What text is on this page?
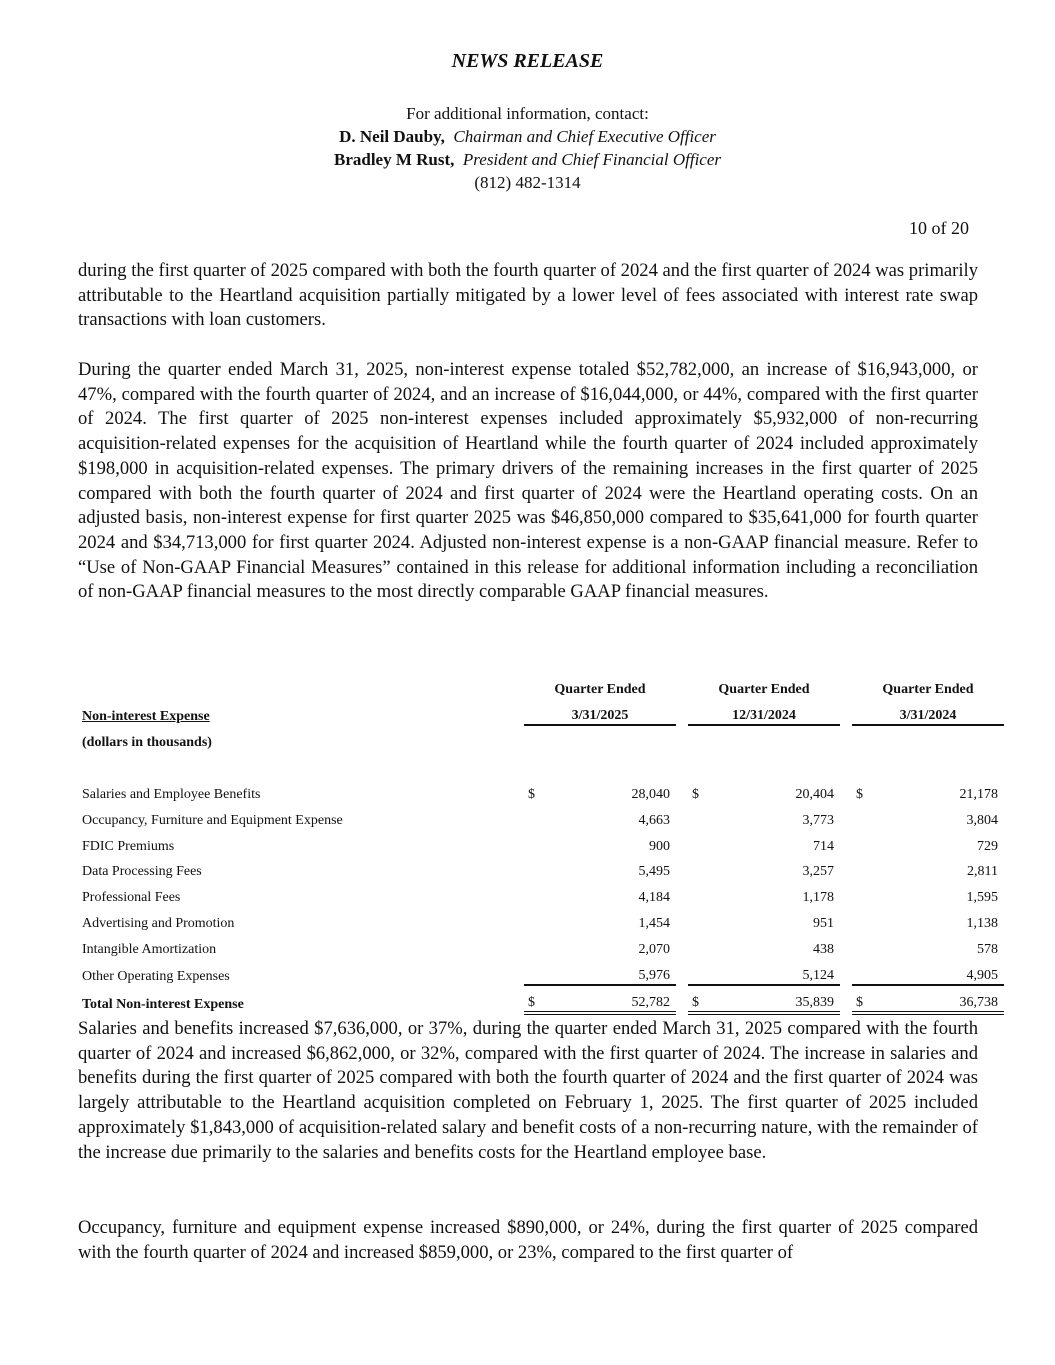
NEWS RELEASE
For additional information, contact:
D. Neil Dauby, Chairman and Chief Executive Officer
Bradley M Rust, President and Chief Financial Officer
(812) 482-1314
10 of 20

during the first quarter of 2025 compared with both the fourth quarter of 2024 and the first quarter of 2024 was primarily attributable to the Heartland acquisition partially mitigated by a lower level of fees associated with interest rate swap transactions with loan customers.

During the quarter ended March 31, 2025, non-interest expense totaled $52,782,000, an increase of $16,943,000, or 47%, compared with the fourth quarter of 2024, and an increase of $16,044,000, or 44%, compared with the first quarter of 2024. The first quarter of 2025 non-interest expenses included approximately $5,932,000 of non-recurring acquisition-related expenses for the acquisition of Heartland while the fourth quarter of 2024 included approximately $198,000 in acquisition-related expenses. The primary drivers of the remaining increases in the first quarter of 2025 compared with both the fourth quarter of 2024 and first quarter of 2024 were the Heartland operating costs. On an adjusted basis, non-interest expense for first quarter 2025 was $46,850,000 compared to $35,641,000 for fourth quarter 2024 and $34,713,000 for first quarter 2024. Adjusted non-interest expense is a non-GAAP financial measure. Refer to “Use of Non-GAAP Financial Measures” contained in this release for additional information including a reconciliation of non-GAAP financial measures to the most directly comparable GAAP financial measures.

		Quarter Ended			Quarter Ended			Quarter Ended	
Non-interest Expense		3/31/2025			12/31/2024			3/31/2024	
(dollars in thousands)									

Salaries and Employee Benefits		$	28,040		$	20,404		$	21,178
Occupancy, Furniture and Equipment Expense			4,663			3,773			3,804
FDIC Premiums			900			714			729
Data Processing Fees			5,495			3,257			2,811
Professional Fees			4,184			1,178			1,595
Advertising and Promotion			1,454			951			1,138
Intangible Amortization			2,070			438			578
Other Operating Expenses			5,976			5,124			4,905
Total Non-interest Expense		$	52,782		$	35,839		$	36,738

Salaries and benefits increased $7,636,000, or 37%, during the quarter ended March 31, 2025 compared with the fourth quarter of 2024 and increased $6,862,000, or 32%, compared with the first quarter of 2024. The increase in salaries and benefits during the first quarter of 2025 compared with both the fourth quarter of 2024 and the first quarter of 2024 was largely attributable to the Heartland acquisition completed on February 1, 2025. The first quarter of 2025 included approximately $1,843,000 of acquisition-related salary and benefit costs of a non-recurring nature, with the remainder of the increase due primarily to the salaries and benefits costs for the Heartland employee base.

Occupancy, furniture and equipment expense increased $890,000, or 24%, during the first quarter of 2025 compared with the fourth quarter of 2024 and increased $859,000, or 23%, compared to the first quarter of
